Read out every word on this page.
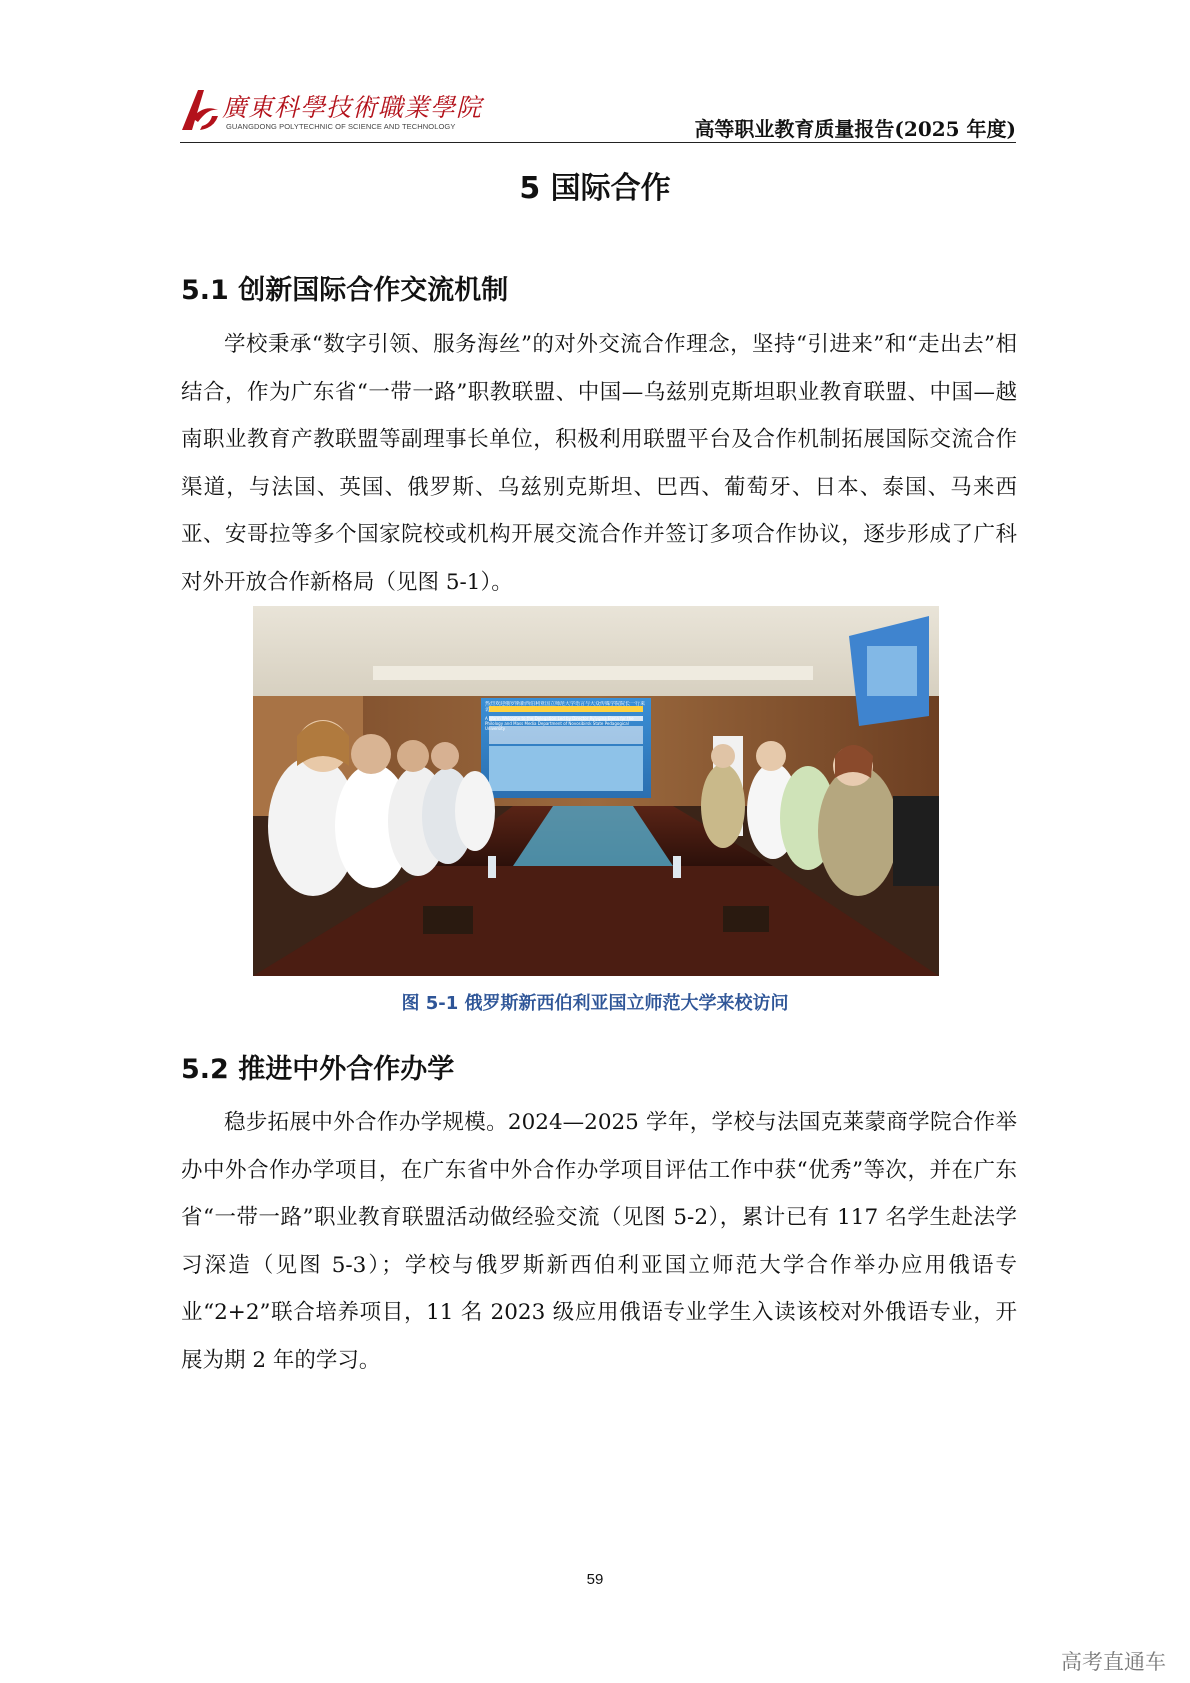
廣東科學技術職業學院
GUANGDONG POLYTECHNIC OF SCIENCE AND TECHNOLOGY	高等职业教育质量报告(2025 年度)
5 国际合作
5.1 创新国际合作交流机制

学校秉承“数字引领、服务海丝”的对外交流合作理念，坚持“引进来”和“走出去”相结合，作为广东省“一带一路”职教联盟、中国—乌兹别克斯坦职业教育联盟、中国—越南职业教育产教联盟等副理事长单位，积极利用联盟平台及合作机制拓展国际交流合作渠道，与法国、英国、俄罗斯、乌兹别克斯坦、巴西、葡萄牙、日本、泰国、马来西亚、安哥拉等多个国家院校或机构开展交流合作并签订多项合作协议，逐步形成了广科对外开放合作新格局（见图 5-1）。

图 5-1 俄罗斯新西伯利亚国立师范大学来校访问
5.2 推进中外合作办学

稳步拓展中外合作办学规模。2024—2025 学年，学校与法国克莱蒙商学院合作举办中外合作办学项目，在广东省中外合作办学项目评估工作中获“优秀”等次，并在广东省“一带一路”职业教育联盟活动做经验交流（见图 5-2），累计已有 117 名学生赴法学习深造（见图 5-3）；学校与俄罗斯新西伯利亚国立师范大学合作举办应用俄语专业“2+2”联合培养项目，11 名 2023 级应用俄语专业学生入读该校对外俄语专业，开展为期 2 年的学习。

59
高考直通车
热烈欢迎俄罗斯新西伯利亚国立师范大学语言与大众传媒学院院长一行来访
A Warm Welcome to the Delegation Led by Director Rylygina Elena for the Philology and Mass Media Department of Novosibirsk State Pedagogical University
